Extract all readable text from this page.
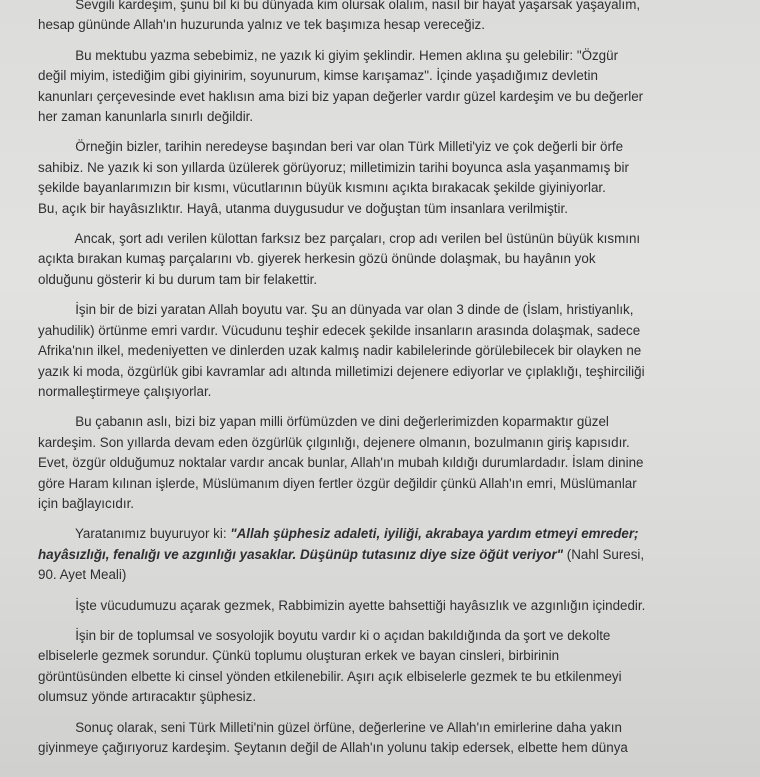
Sevgili kardeşim, şunu bil ki bu dünyada kim olursak olalım, nasıl bir hayat yaşarsak yaşayalım,
hesap gününde Allah'ın huzurunda yalnız ve tek başımıza hesap vereceğiz.

Bu mektubu yazma sebebimiz, ne yazık ki giyim şeklindir. Hemen aklına şu gelebilir: "Özgür
değil miyim, istediğim gibi giyinirim, soyunurum, kimse karışamaz". İçinde yaşadığımız devletin
kanunları çerçevesinde evet haklısın ama bizi biz yapan değerler vardır güzel kardeşim ve bu değerler
her zaman kanunlarla sınırlı değildir.

Örneğin bizler, tarihin neredeyse başından beri var olan Türk Milleti'yiz ve çok değerli bir örfe
sahibiz. Ne yazık ki son yıllarda üzülerek görüyoruz; milletimizin tarihi boyunca asla yaşanmamış bir
şekilde bayanlarımızın bir kısmı, vücutlarının büyük kısmını açıkta bırakacak şekilde giyiniyorlar.
Bu, açık bir hayâsızlıktır. Hayâ, utanma duygusudur ve doğuştan tüm insanlara verilmiştir.

Ancak, şort adı verilen külottan farksız bez parçaları, crop adı verilen bel üstünün büyük kısmını
açıkta bırakan kumaş parçalarını vb. giyerek herkesin gözü önünde dolaşmak, bu hayânın yok
olduğunu gösterir ki bu durum tam bir felakettir.

İşin bir de bizi yaratan Allah boyutu var. Şu an dünyada var olan 3 dinde de (İslam, hristiyanlık,
yahudilik) örtünme emri vardır. Vücudunu teşhir edecek şekilde insanların arasında dolaşmak, sadece
Afrika'nın ilkel, medeniyetten ve dinlerden uzak kalmış nadir kabilelerinde görülebilecek bir olayken ne
yazık ki moda, özgürlük gibi kavramlar adı altında milletimizi dejenere ediyorlar ve çıplaklığı, teşhirciliği
normalleştirmeye çalışıyorlar.

Bu çabanın aslı, bizi biz yapan milli örfümüzden ve dini değerlerimizden koparmaktır güzel
kardeşim. Son yıllarda devam eden özgürlük çılgınlığı, dejenere olmanın, bozulmanın giriş kapısıdır.
Evet, özgür olduğumuz noktalar vardır ancak bunlar, Allah'ın mubah kıldığı durumlardadır. İslam dinine
göre Haram kılınan işlerde, Müslümanım diyen fertler özgür değildir çünkü Allah'ın emri, Müslümanlar
için bağlayıcıdır.

Yaratanımız buyuruyor ki: "Allah şüphesiz adaleti, iyiliği, akrabaya yardım etmeyi emreder;
hayâsızlığı, fenalığı ve azgınlığı yasaklar. Düşünüp tutasınız diye size öğüt veriyor" (Nahl Suresi,
90. Ayet Meali)

İşte vücudumuzu açarak gezmek, Rabbimizin ayette bahsettiği hayâsızlık ve azgınlığın içindedir.

İşin bir de toplumsal ve sosyolojik boyutu vardır ki o açıdan bakıldığında da şort ve dekolte
elbiselerle gezmek sorundur. Çünkü toplumu oluşturan erkek ve bayan cinsleri, birbirinin
görüntüsünden elbette ki cinsel yönden etkilenebilir. Aşırı açık elbiselerle gezmek te bu etkilenmeyi
olumsuz yönde artıracaktır şüphesiz.

Sonuç olarak, seni Türk Milleti'nin güzel örfüne, değerlerine ve Allah'ın emirlerine daha yakın
giyinmeye çağırıyoruz kardeşim. Şeytanın değil de Allah'ın yolunu takip edersek, elbette hem dünya
